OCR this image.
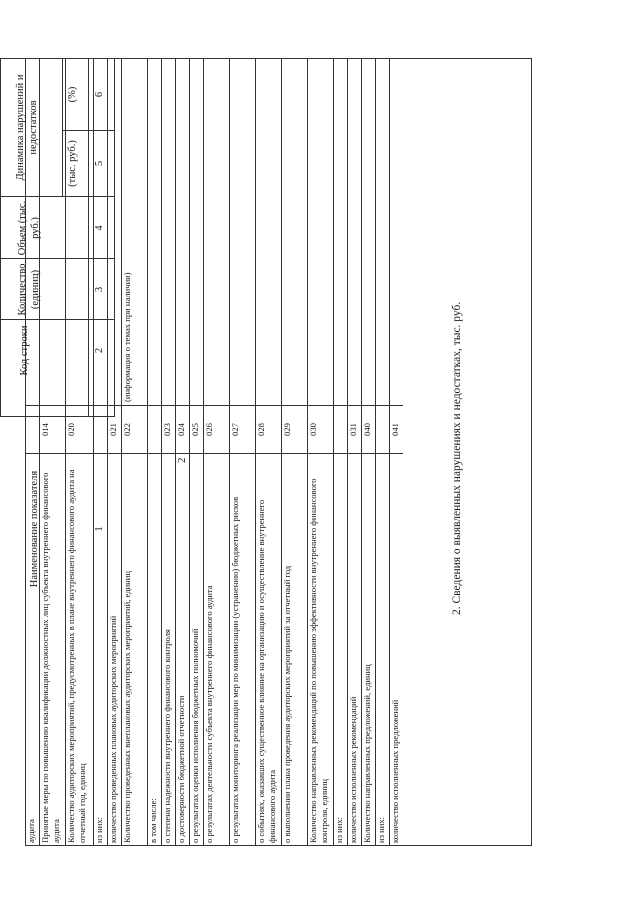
2
аудита Принятые меры по повышению квалификации должностных лиц субъекта внутреннего финансового аудита
014
Количество аудиторских мероприятий, предусмотренных в плане внутреннего финансового аудита на отчетный год, единиц
020
из них: количество проведенных плановых аудиторских мероприятий
021
Количество проведенных внеплановых аудиторских мероприятий, единиц
022
(информация о темах при наличии)
в том числе: о степени надежности внутреннего финансового контроля
023
о достоверности бюджетной отчетности
024
о результатах оценки исполнения бюджетных полномочий
025
о результатах деятельности субъекта внутреннего финансового аудита
026
о результатах мониторинга реализации мер по минимизации (устранению) бюджетных рисков
027
о событиях, оказавших существенное влияние на организацию и осуществление внутреннего финансового аудита
028
о выполнении плана проведения аудиторских мероприятий за отчетный год
029
Количество направленных рекомендаций по повышению эффективности внутреннего финансового контроля, единиц
030
из них: количество исполненных рекомендаций
031
Количество направленных предложений, единиц
040
из них: количество исполненных предложений
041	2. Сведения о выявленных нарушениях и недостатках, тыс. руб.
Наименование показателя
Код строки
Количество (единиц)
Объем (тыс. руб.)
(тыс. руб.)
(%)
1
2
3
5
6
Динамика нарушений и недостатков
4
